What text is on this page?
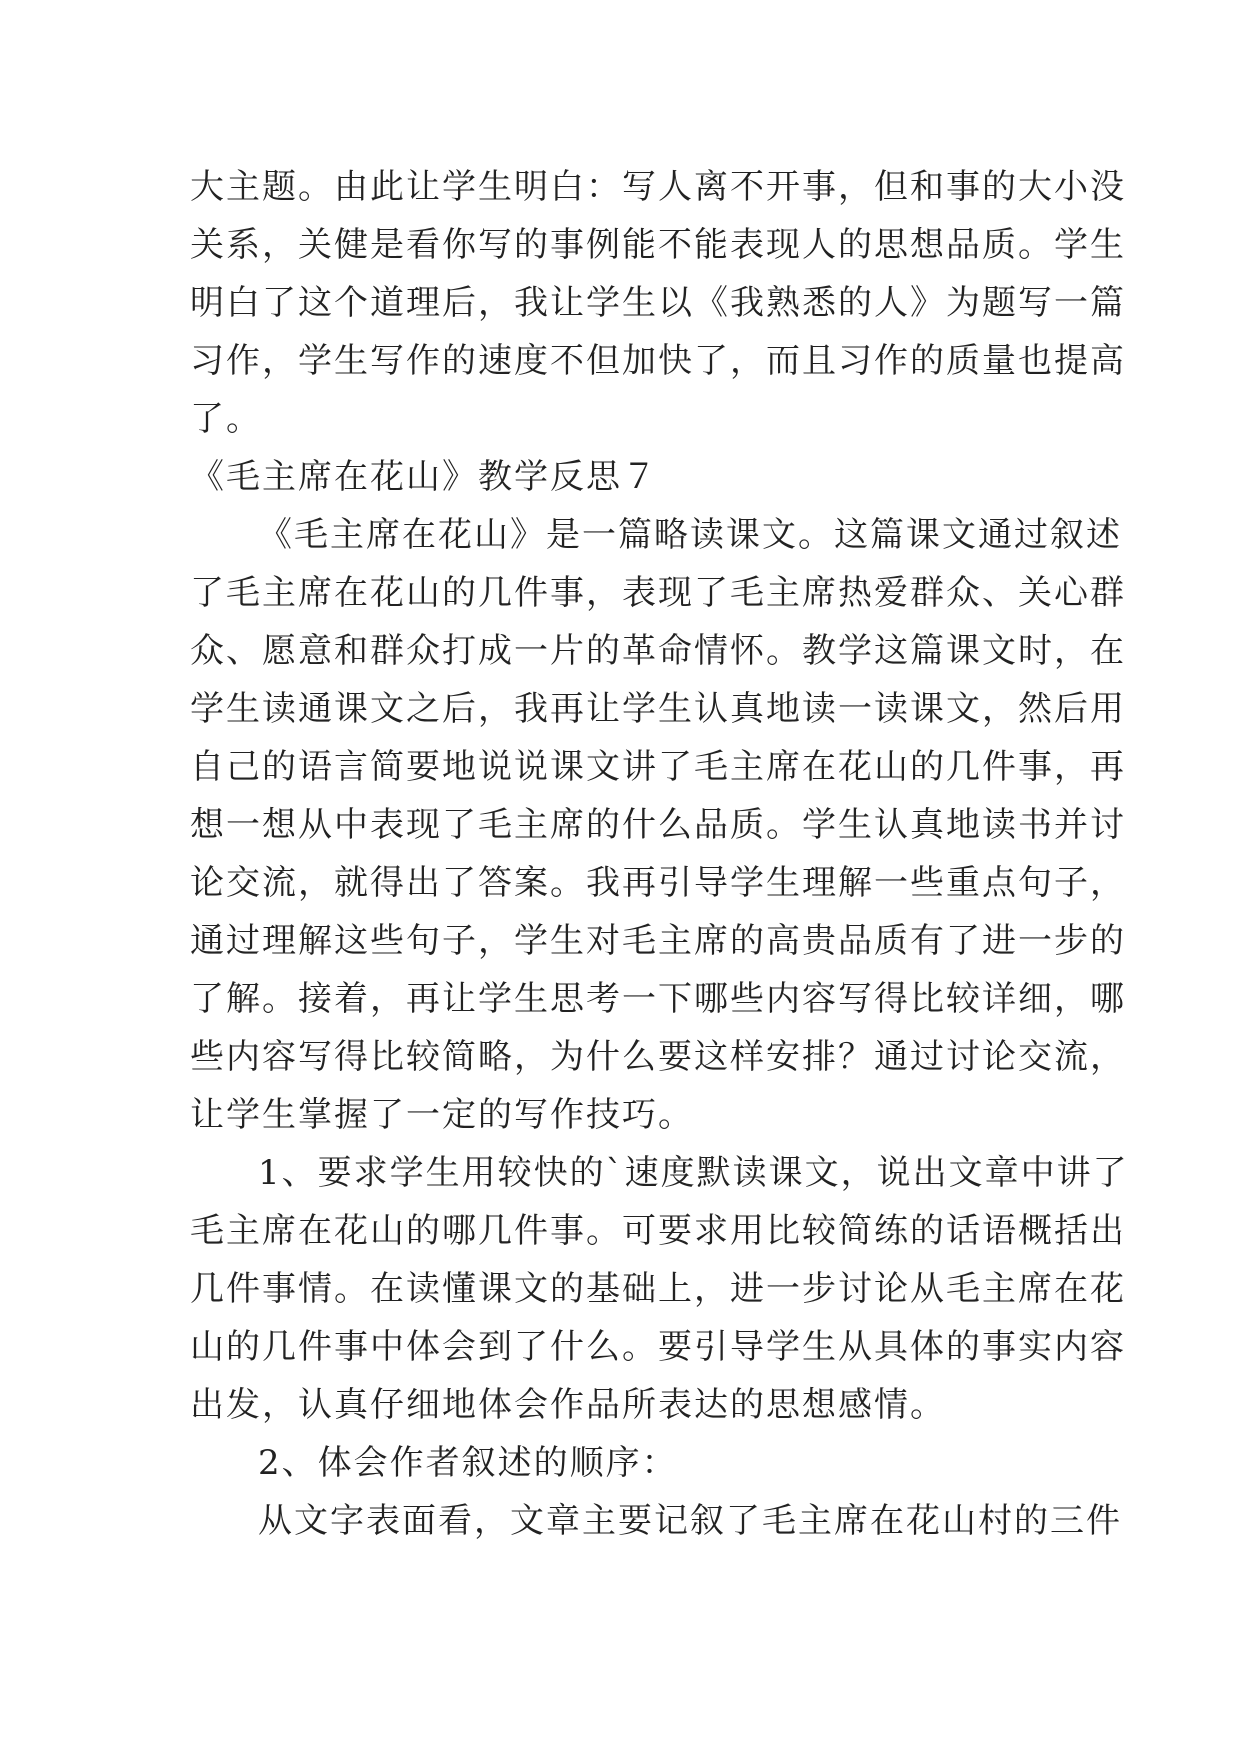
大主题。由此让学生明白：写人离不开事，但和事的大小没
关系，关健是看你写的事例能不能表现人的思想品质。学生
明白了这个道理后，我让学生以《我熟悉的人》为题写一篇
习作，学生写作的速度不但加快了，而且习作的质量也提高
了。
《毛主席在花山》教学反思７
《毛主席在花山》是一篇略读课文。这篇课文通过叙述
了毛主席在花山的几件事，表现了毛主席热爱群众、关心群
众、愿意和群众打成一片的革命情怀。教学这篇课文时，在
学生读通课文之后，我再让学生认真地读一读课文，然后用
自己的语言简要地说说课文讲了毛主席在花山的几件事，再
想一想从中表现了毛主席的什么品质。学生认真地读书并讨
论交流，就得出了答案。我再引导学生理解一些重点句子，
通过理解这些句子，学生对毛主席的高贵品质有了进一步的
了解。接着，再让学生思考一下哪些内容写得比较详细，哪
些内容写得比较简略，为什么要这样安排？通过讨论交流，
让学生掌握了一定的写作技巧。
1、要求学生用较快的`速度默读课文，说出文章中讲了
毛主席在花山的哪几件事。可要求用比较简练的话语概括出
几件事情。在读懂课文的基础上，进一步讨论从毛主席在花
山的几件事中体会到了什么。要引导学生从具体的事实内容
出发，认真仔细地体会作品所表达的思想感情。
2、体会作者叙述的顺序：
从文字表面看，文章主要记叙了毛主席在花山村的三件
